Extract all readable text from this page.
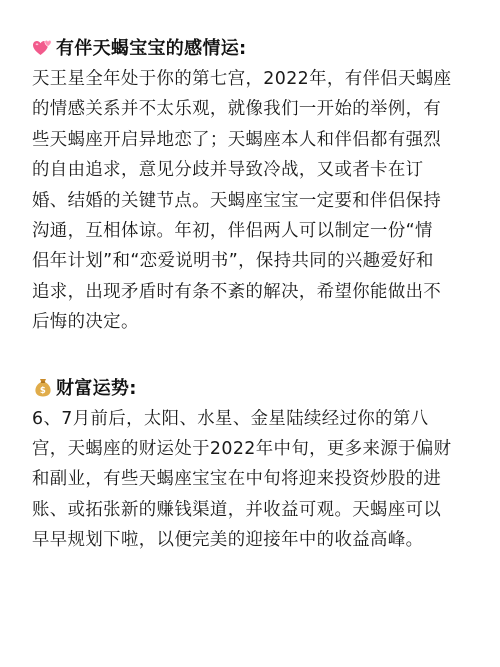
有伴天蝎宝宝的感情运:
天王星全年处于你的第七宫，2022年，有伴侣天蝎座
的情感关系并不太乐观，就像我们一开始的举例，有
些天蝎座开启异地恋了；天蝎座本人和伴侣都有强烈
的自由追求，意见分歧并导致冷战，又或者卡在订
婚、结婚的关键节点。天蝎座宝宝一定要和伴侣保持
沟通，互相体谅。年初，伴侣两人可以制定一份“情
侣年计划”和“恋爱说明书”，保持共同的兴趣爱好和
追求，出现矛盾时有条不紊的解决，希望你能做出不
后悔的决定。
$ 财富运势:
6、7月前后，太阳、水星、金星陆续经过你的第八
宫，天蝎座的财运处于2022年中旬，更多来源于偏财
和副业，有些天蝎座宝宝在中旬将迎来投资炒股的进
账、或拓张新的赚钱渠道，并收益可观。天蝎座可以
早早规划下啦，以便完美的迎接年中的收益高峰。
